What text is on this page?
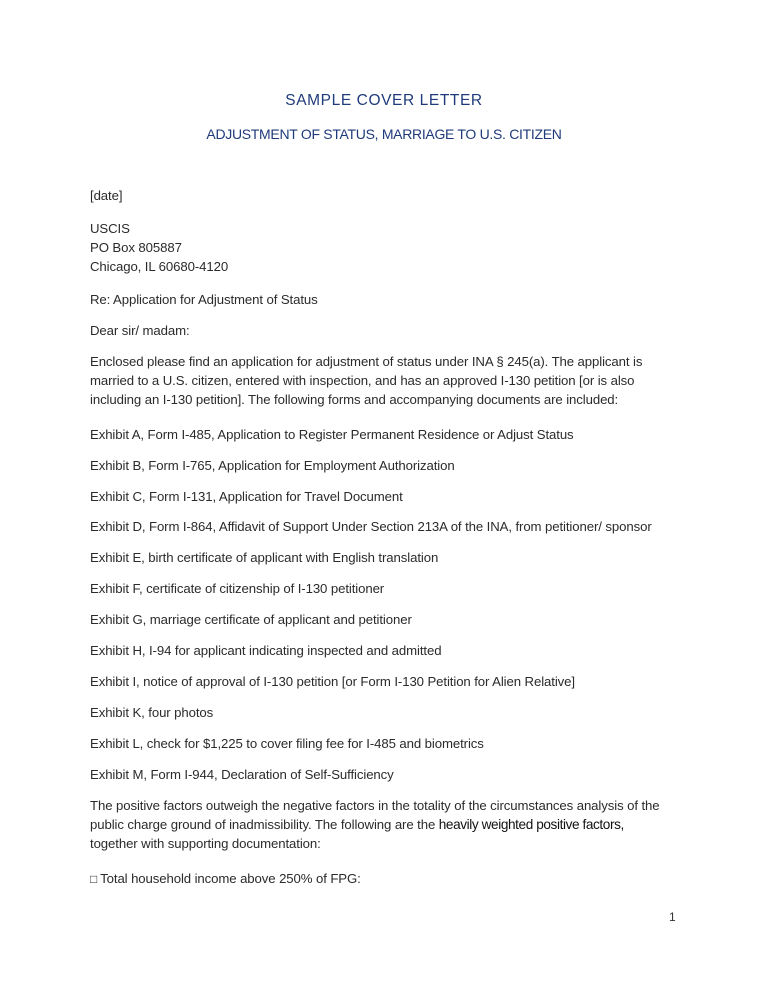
SAMPLE COVER LETTER
ADJUSTMENT OF STATUS, MARRIAGE TO U.S. CITIZEN

[date]

USCIS
PO Box 805887
Chicago, IL 60680-4120

Re: Application for Adjustment of Status

Dear sir/ madam:

Enclosed please find an application for adjustment of status under INA § 245(a). The applicant is married to a U.S. citizen, entered with inspection, and has an approved I-130 petition [or is also including an I-130 petition]. The following forms and accompanying documents are included:

Exhibit A, Form I-485, Application to Register Permanent Residence or Adjust Status

Exhibit B, Form I-765, Application for Employment Authorization

Exhibit C, Form I-131, Application for Travel Document

Exhibit D, Form I-864, Affidavit of Support Under Section 213A of the INA, from petitioner/ sponsor

Exhibit E, birth certificate of applicant with English translation

Exhibit F, certificate of citizenship of I-130 petitioner

Exhibit G, marriage certificate of applicant and petitioner

Exhibit H, I-94 for applicant indicating inspected and admitted

Exhibit I, notice of approval of I-130 petition [or Form I-130 Petition for Alien Relative]

Exhibit K, four photos

Exhibit L, check for $1,225 to cover filing fee for I-485 and biometrics

Exhibit M, Form I-944, Declaration of Self-Sufficiency

The positive factors outweigh the negative factors in the totality of the circumstances analysis of the public charge ground of inadmissibility. The following are the heavily weighted positive factors, together with supporting documentation:

□ Total household income above 250% of FPG:

1
